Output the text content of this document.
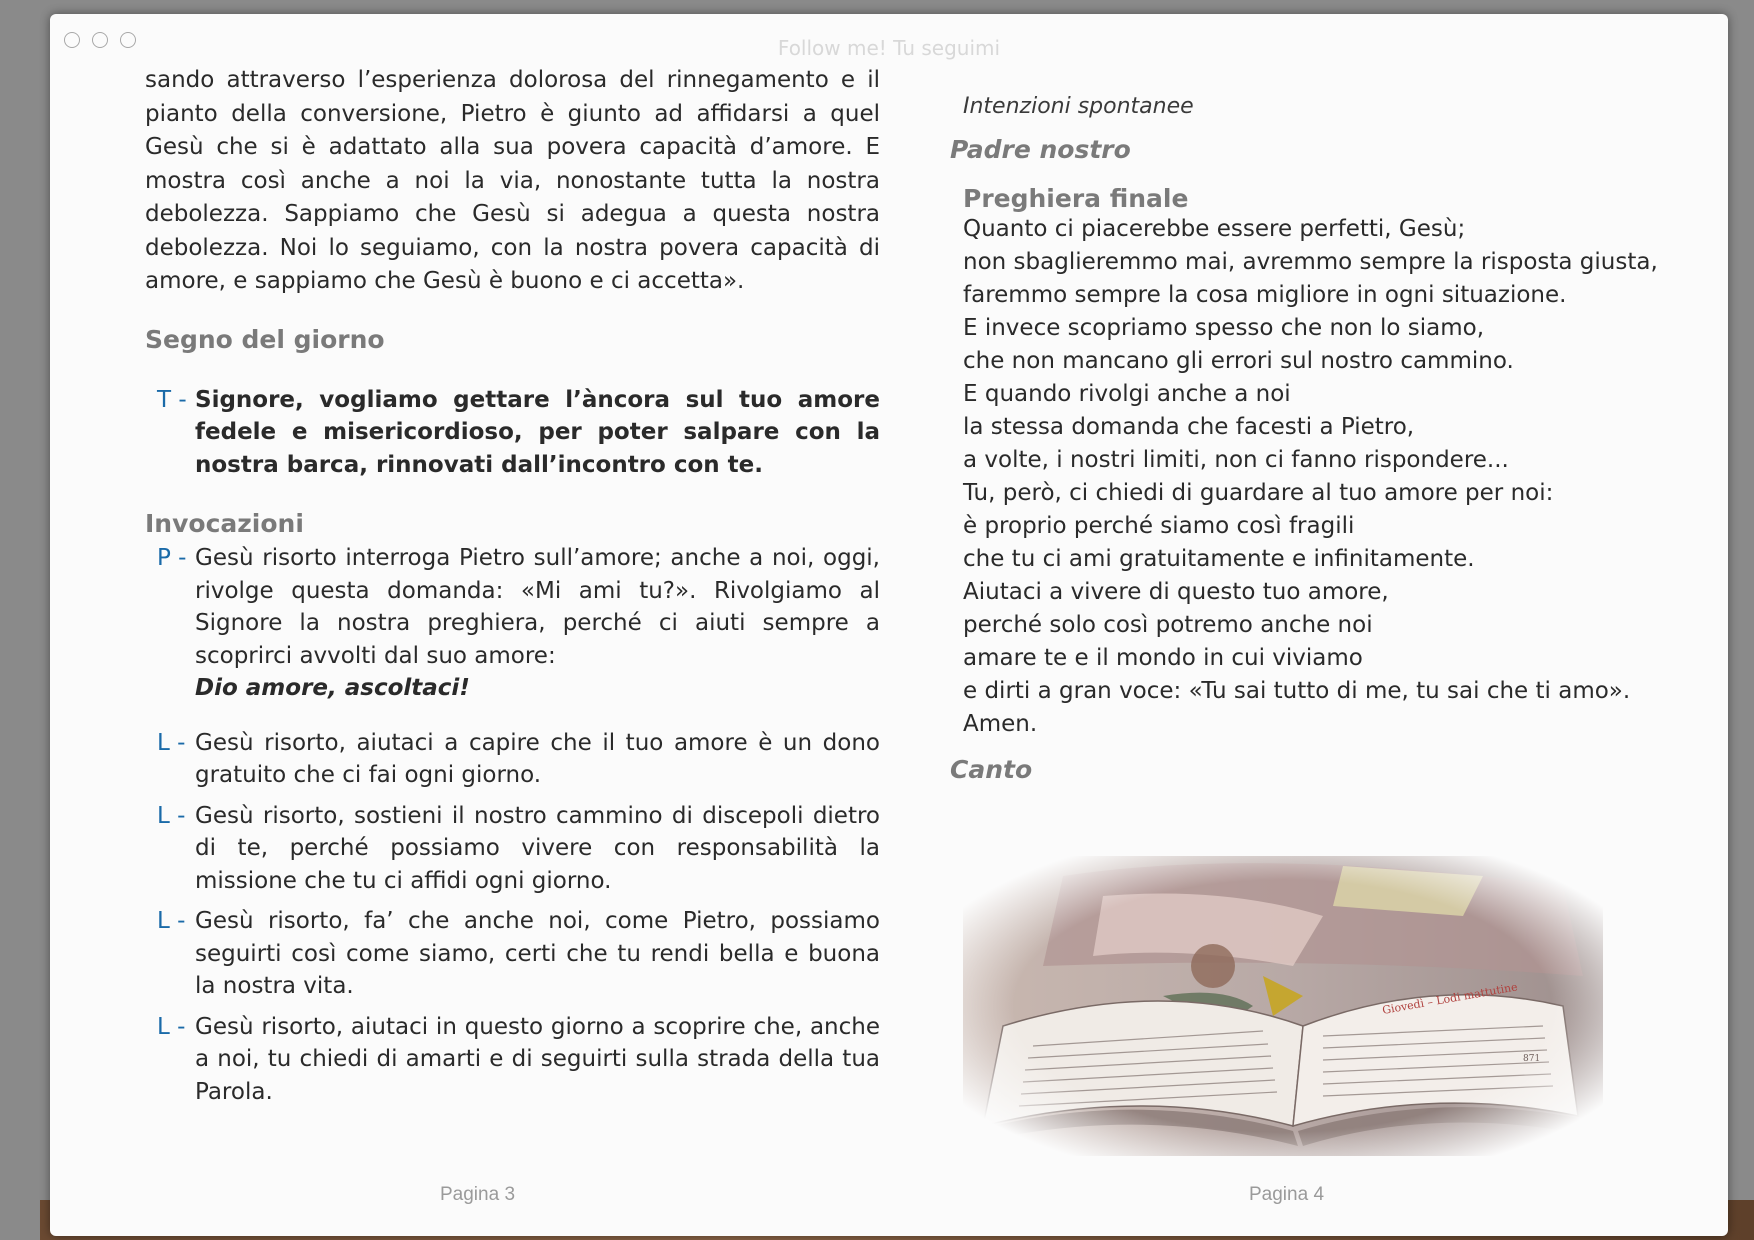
Follow me! Tu seguimi

sando attraverso l’esperienza dolorosa del rinnegamento e il pianto della conversione, Pietro è giunto ad affidarsi a quel Gesù che si è adattato alla sua povera capacità d’amore. E mostra così anche a noi la via, nonostante tutta la nostra debolezza. Sappiamo che Gesù si adegua a questa nostra debolezza. Noi lo seguiamo, con la nostra povera capacità di amore, e sappiamo che Gesù è buono e ci accetta».

Segno del giorno

T - Signore, vogliamo gettare l’àncora sul tuo amore fedele e misericordioso, per poter salpare con la nostra barca, rinnovati dall’incontro con te.

Invocazioni
P - Gesù risorto interroga Pietro sull’amore; anche a noi, oggi, rivolge questa domanda: «Mi ami tu?». Rivolgiamo al Signore la nostra preghiera, perché ci aiuti sempre a scoprirci avvolti dal suo amore:
Dio amore, ascoltaci!

L - Gesù risorto, aiutaci a capire che il tuo amore è un dono gratuito che ci fai ogni giorno.

L - Gesù risorto, sostieni il nostro cammino di discepoli dietro di te, perché possiamo vivere con responsabilità la missione che tu ci affidi ogni giorno.

L - Gesù risorto, fa’ che anche noi, come Pietro, possiamo seguirti così come siamo, certi che tu rendi bella e buona la nostra vita.

L - Gesù risorto, aiutaci in questo giorno a scoprire che, anche a noi, tu chiedi di amarti e di seguirti sulla strada della tua Parola.

Pagina 3

Intenzioni spontanee

Padre nostro
Preghiera finale

Quanto ci piacerebbe essere perfetti, Gesù;

non sbaglieremmo mai, avremmo sempre la risposta giusta,

faremmo sempre la cosa migliore in ogni situazione.

E invece scopriamo spesso che non lo siamo,

che non mancano gli errori sul nostro cammino.

E quando rivolgi anche a noi

la stessa domanda che facesti a Pietro,

a volte, i nostri limiti, non ci fanno rispondere...

Tu, però, ci chiedi di guardare al tuo amore per noi:

è proprio perché siamo così fragili

che tu ci ami gratuitamente e infinitamente.

Aiutaci a vivere di questo tuo amore,

perché solo così potremo anche noi

amare te e il mondo in cui viviamo

e dirti a gran voce: «Tu sai tutto di me, tu sai che ti amo».

Amen.

Canto
Pagina 4
